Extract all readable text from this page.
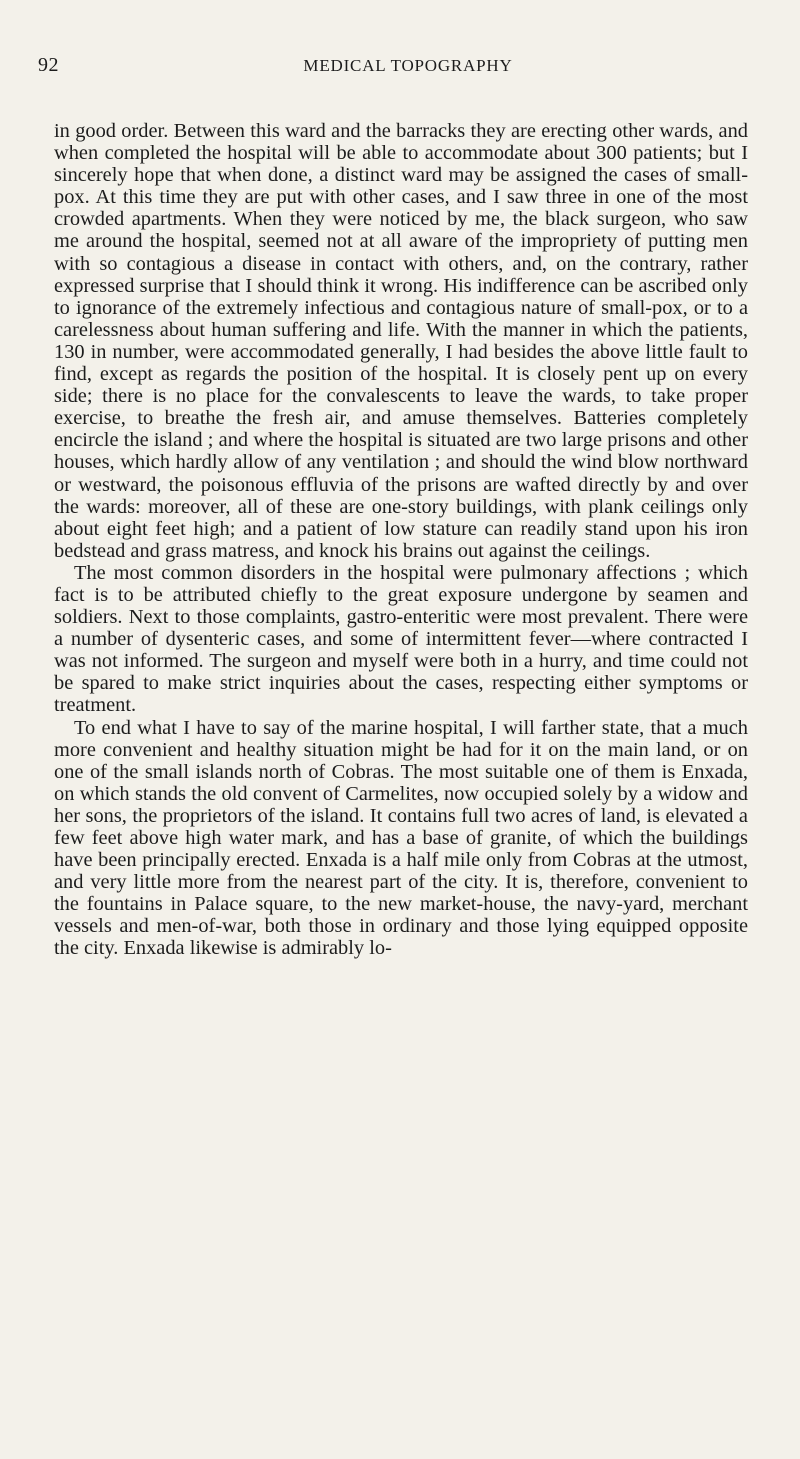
92	MEDICAL TOPOGRAPHY

in good order. Between this ward and the barracks they are erecting other wards, and when completed the hospital will be able to accommodate about 300 patients; but I sincerely hope that when done, a distinct ward may be assigned the cases of small-pox. At this time they are put with other cases, and I saw three in one of the most crowded apartments. When they were noticed by me, the black surgeon, who saw me around the hospital, seemed not at all aware of the impropriety of putting men with so contagious a disease in contact with others, and, on the contrary, rather expressed surprise that I should think it wrong. His indifference can be ascribed only to ignorance of the extremely infectious and contagious nature of small-pox, or to a carelessness about human suffering and life. With the manner in which the patients, 130 in number, were accommodated generally, I had besides the above little fault to find, except as regards the position of the hospital. It is closely pent up on every side; there is no place for the convalescents to leave the wards, to take proper exercise, to breathe the fresh air, and amuse themselves. Batteries completely encircle the island ; and where the hospital is situated are two large prisons and other houses, which hardly allow of any ventilation ; and should the wind blow northward or westward, the poisonous effluvia of the prisons are wafted directly by and over the wards: moreover, all of these are one-story buildings, with plank ceilings only about eight feet high; and a patient of low stature can readily stand upon his iron bedstead and grass matress, and knock his brains out against the ceilings.

The most common disorders in the hospital were pulmonary affections ; which fact is to be attributed chiefly to the great exposure undergone by seamen and soldiers. Next to those complaints, gastro-enteritic were most prevalent. There were a number of dysenteric cases, and some of intermittent fever—where contracted I was not informed. The surgeon and myself were both in a hurry, and time could not be spared to make strict inquiries about the cases, respecting either symptoms or treatment.

To end what I have to say of the marine hospital, I will farther state, that a much more convenient and healthy situation might be had for it on the main land, or on one of the small islands north of Cobras. The most suitable one of them is Enxada, on which stands the old convent of Carmelites, now occupied solely by a widow and her sons, the proprietors of the island. It contains full two acres of land, is elevated a few feet above high water mark, and has a base of granite, of which the buildings have been principally erected. Enxada is a half mile only from Cobras at the utmost, and very little more from the nearest part of the city. It is, therefore, convenient to the fountains in Palace square, to the new market-house, the navy-yard, merchant vessels and men-of-war, both those in ordinary and those lying equipped opposite the city. Enxada likewise is admirably lo-
